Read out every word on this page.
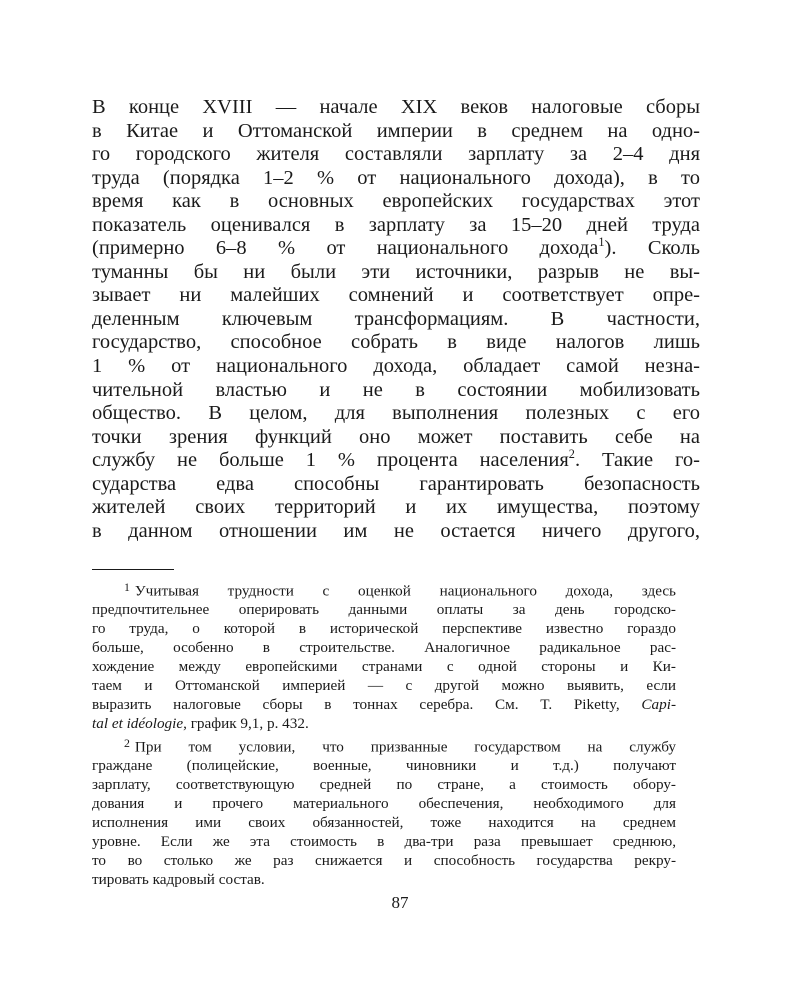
В конце XVIII — начале XIX веков налоговые сборы
в Китае и Оттоманской империи в среднем на одно-
го городского жителя составляли зарплату за 2–4 дня
труда (порядка 1–2 % от национального дохода), в то
время как в основных европейских государствах этот
показатель оценивался в зарплату за 15–20 дней труда
(примерно 6–8 % от национального дохода$^1$). Сколь
туманны бы ни были эти источники, разрыв не вы-
зывает ни малейших сомнений и соответствует опре-
деленным ключевым трансформациям. В частности,
государство, способное собрать в виде налогов лишь
1 % от национального дохода, обладает самой незна-
чительной властью и не в состоянии мобилизовать
общество. В целом, для выполнения полезных с его
точки зрения функций оно может поставить себе на
службу не больше 1 % процента населения$^2$. Такие го-
сударства едва способны гарантировать безопасность
жителей своих территорий и их имущества, поэтому
в данном отношении им не остается ничего другого,
$^1$ Учитывая трудности с оценкой национального дохода, здесь
предпочтительнее оперировать данными оплаты за день городско-
го труда, о которой в исторической перспективе известно гораздо
больше, особенно в строительстве. Аналогичное радикальное рас-
хождение между европейскими странами с одной стороны и Ки-
таем и Оттоманской империей — с другой можно выявить, если
выразить налоговые сборы в тоннах серебра. См. T. Piketty, Capi-
tal et idéologie, график 9,1, p. 432.
$^2$ При том условии, что призванные государством на службу
граждане (полицейские, военные, чиновники и т.д.) получают
зарплату, соответствующую средней по стране, а стоимость обору-
дования и прочего материального обеспечения, необходимого для
исполнения ими своих обязанностей, тоже находится на среднем
уровне. Если же эта стоимость в два-три раза превышает среднюю,
то во столько же раз снижается и способность государства рекру-
тировать кадровый состав.
87
